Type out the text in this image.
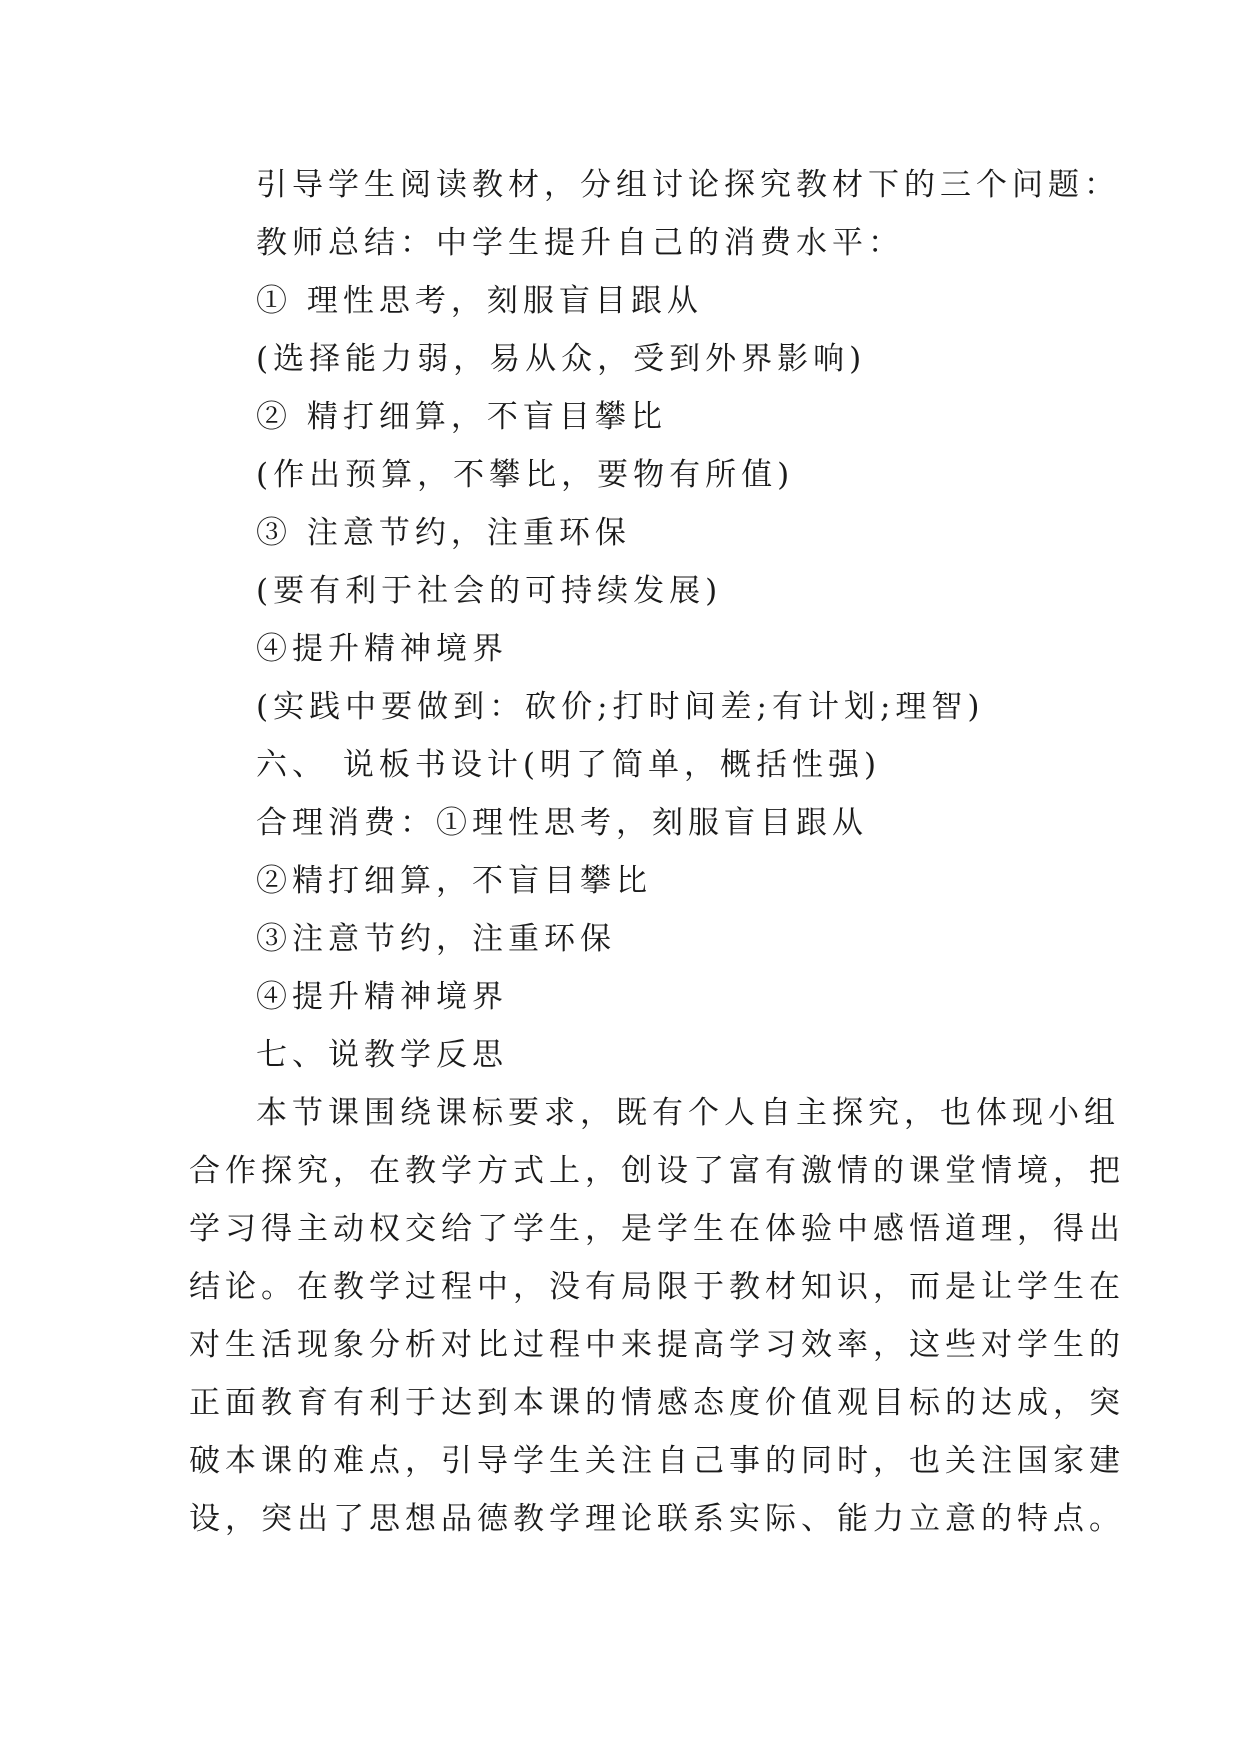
引导学生阅读教材，分组讨论探究教材下的三个问题：
教师总结：中学生提升自己的消费水平：
① 理性思考，刻服盲目跟从
(选择能力弱，易从众，受到外界影响)
② 精打细算，不盲目攀比
(作出预算，不攀比，要物有所值)
③ 注意节约，注重环保
(要有利于社会的可持续发展)
④提升精神境界
(实践中要做到：砍价;打时间差;有计划;理智)
六、 说板书设计(明了简单，概括性强)
合理消费：①理性思考，刻服盲目跟从
②精打细算，不盲目攀比
③注意节约，注重环保
④提升精神境界
七、说教学反思
本节课围绕课标要求，既有个人自主探究，也体现小组
合作探究，在教学方式上，创设了富有激情的课堂情境，把
学习得主动权交给了学生，是学生在体验中感悟道理，得出
结论。在教学过程中，没有局限于教材知识，而是让学生在
对生活现象分析对比过程中来提高学习效率，这些对学生的
正面教育有利于达到本课的情感态度价值观目标的达成，突
破本课的难点，引导学生关注自己事的同时，也关注国家建
设，突出了思想品德教学理论联系实际、能力立意的特点。
